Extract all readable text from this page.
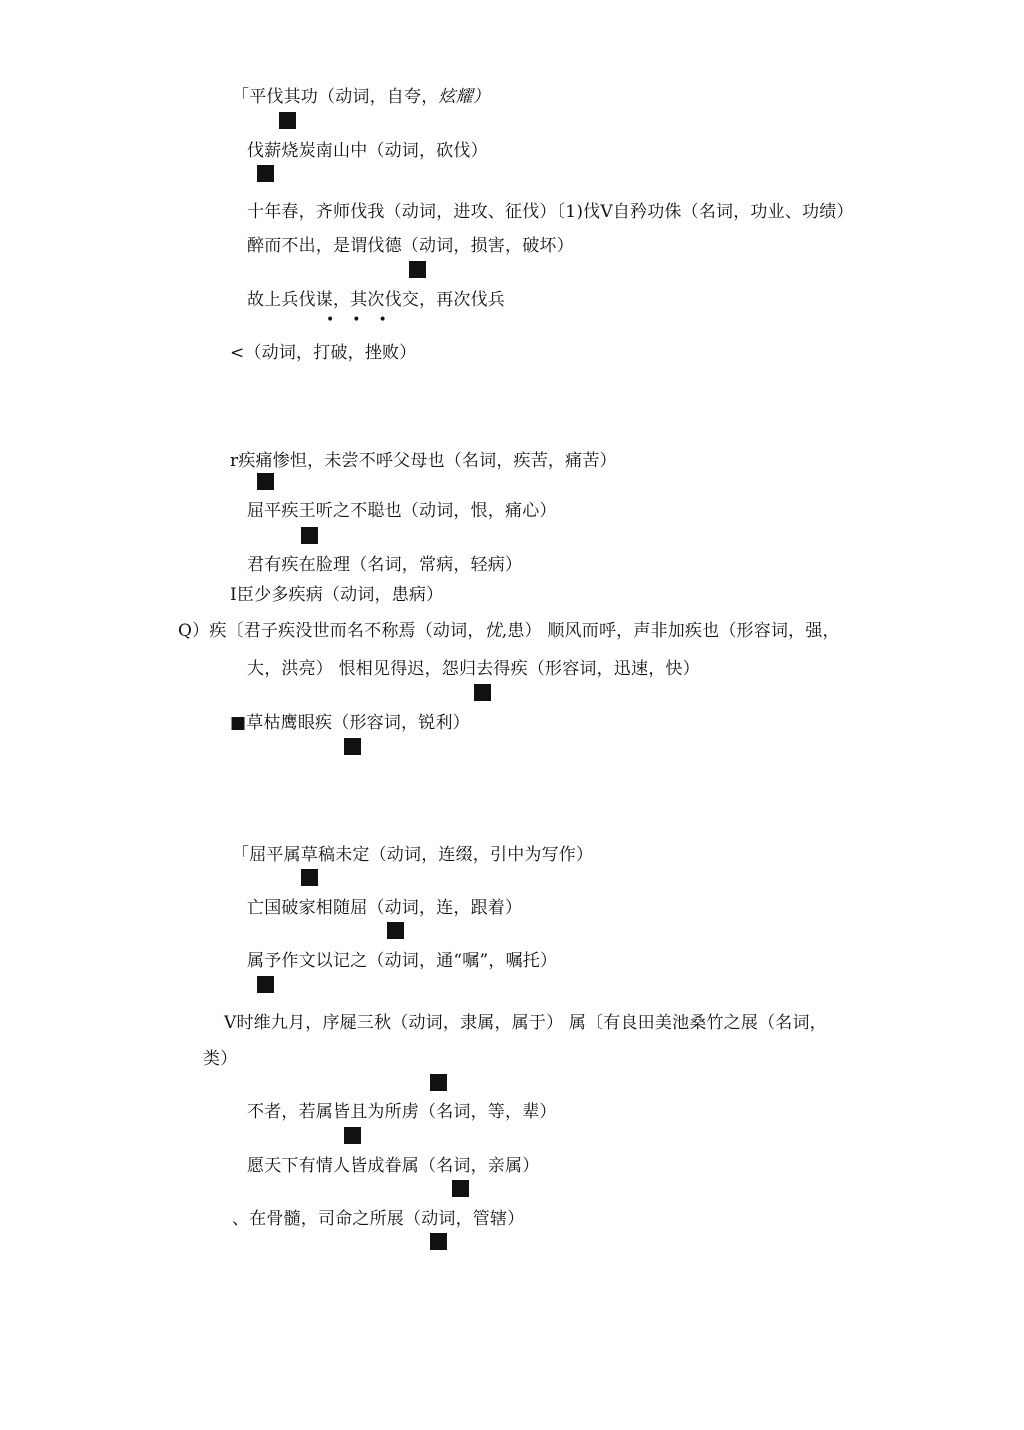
「平伐其功（动词，自夸，炫耀）
伐薪烧炭南山中（动词，砍伐）
十年春，齐师伐我（动词，进攻、征伐）〔1)伐V自矜功侏（名词，功业、功绩）
醉而不出，是谓伐德（动词，损害，破坏）
故上兵伐谋，其次伐交，再次伐兵
•••
<（动词，打破，挫败）
r疾痛惨怛，未尝不呼父母也（名词，疾苦，痛苦）
屈平疾王听之不聪也（动词，恨，痛心）
君有疾在脸理（名词，常病，轻病）
I臣少多疾病（动词，患病）
Q）疾〔君子疾没世而名不称焉（动词，忧,患） 顺风而呼，声非加疾也（形容词，强，
大，洪亮） 恨相见得迟，怨归去得疾（形容词，迅速，快）
■草枯鹰眼疾（形容词，锐利）
「屈平属草稿未定（动词，连缀，引中为写作）
亡国破家相随屈（动词，连，跟着）
属予作文以记之（动词，通“嘱”，嘱托）
V时维九月，序屣三秋（动词，隶属，属于） 属〔有良田美池桑竹之展（名词，
类）
不者，若属皆且为所虏（名词，等，辈）
愿天下有情人皆成眷属（名词，亲属）
、在骨髓，司命之所展（动词，管辖）
